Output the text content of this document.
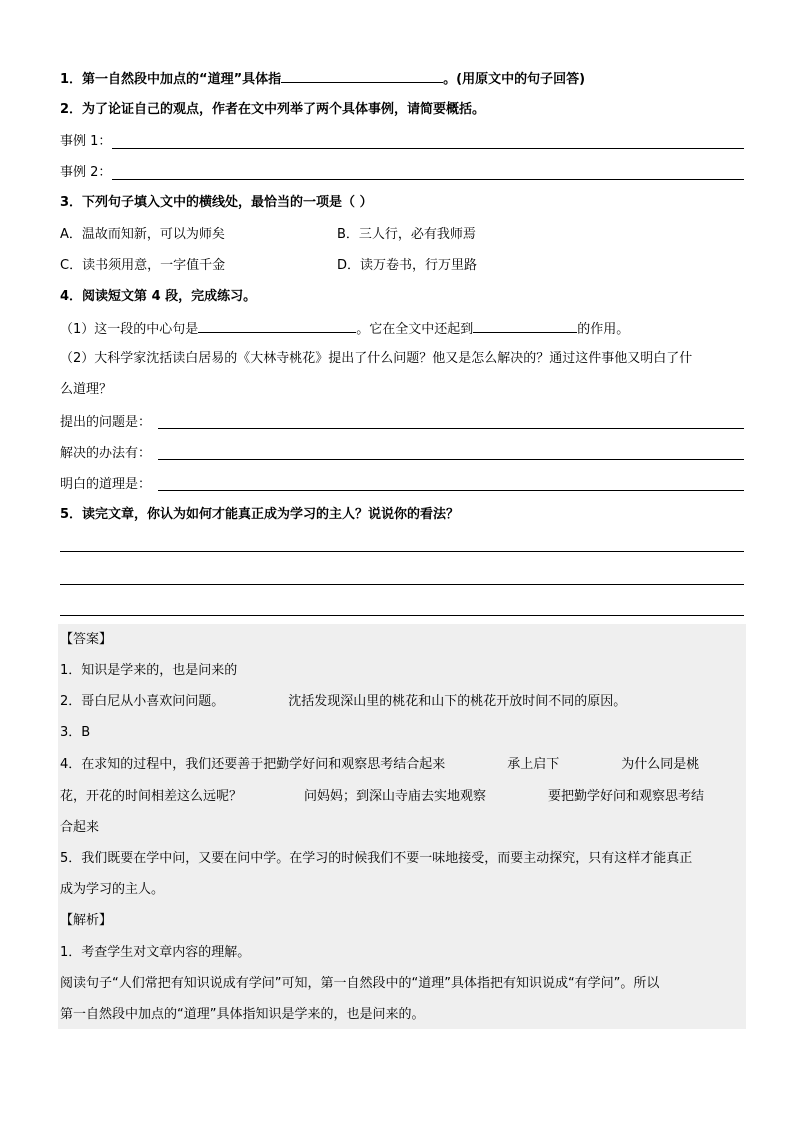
1．第一自然段中加点的“道理”具体指	。(用原文中的句子回答)
2．为了论证自己的观点，作者在文中列举了两个具体事例，请简要概括。
事例 1：
事例 2：
3．下列句子填入文中的横线处，最恰当的一项是（ ）
A．温故而知新，可以为师矣	B．三人行，必有我师焉
C．读书须用意，一字值千金	D．读万卷书，行万里路
4．阅读短文第 4 段，完成练习。
（1）这一段的中心句是	。它在全文中还起到	的作用。
（2）大科学家沈括读白居易的《大林寺桃花》提出了什么问题？他又是怎么解决的？通过这件事他又明白了什
么道理？
提出的问题是：
解决的办法有：
明白的道理是：
5．读完文章，你认为如何才能真正成为学习的主人？说说你的看法？
【答案】
1．知识是学来的，也是问来的
2．哥白尼从小喜欢问问题。	沈括发现深山里的桃花和山下的桃花开放时间不同的原因。
3．B
4．在求知的过程中，我们还要善于把勤学好问和观察思考结合起来	承上启下	为什么同是桃
花，开花的时间相差这么远呢？	问妈妈；到深山寺庙去实地观察	要把勤学好问和观察思考结
合起来
5．我们既要在学中问，又要在问中学。在学习的时候我们不要一味地接受，而要主动探究，只有这样才能真正
成为学习的主人。
【解析】
1．考查学生对文章内容的理解。
阅读句子“人们常把有知识说成有学问”可知，第一自然段中的“道理”具体指把有知识说成“有学问”。所以
第一自然段中加点的“道理”具体指知识是学来的，也是问来的。
